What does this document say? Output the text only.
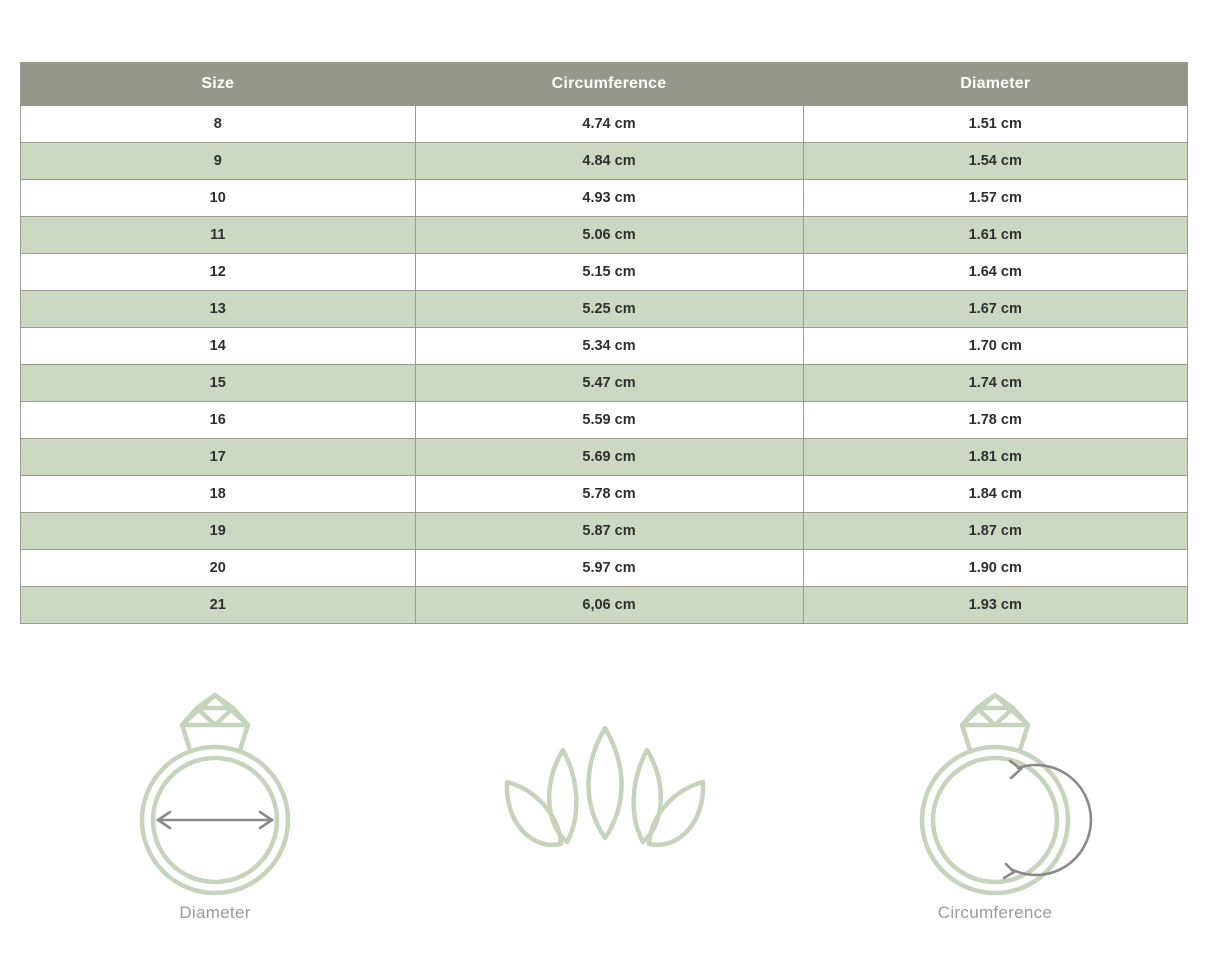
Size	Circumference	Diameter
8	4.74 cm	1.51 cm
9	4.84 cm	1.54 cm
10	4.93 cm	1.57 cm
11	5.06 cm	1.61 cm
12	5.15 cm	1.64 cm
13	5.25 cm	1.67 cm
14	5.34 cm	1.70 cm
15	5.47 cm	1.74 cm
16	5.59 cm	1.78 cm
17	5.69 cm	1.81 cm
18	5.78 cm	1.84 cm
19	5.87 cm	1.87 cm
20	5.97 cm	1.90 cm
21	6,06 cm	1.93 cm
Diameter	Circumference
